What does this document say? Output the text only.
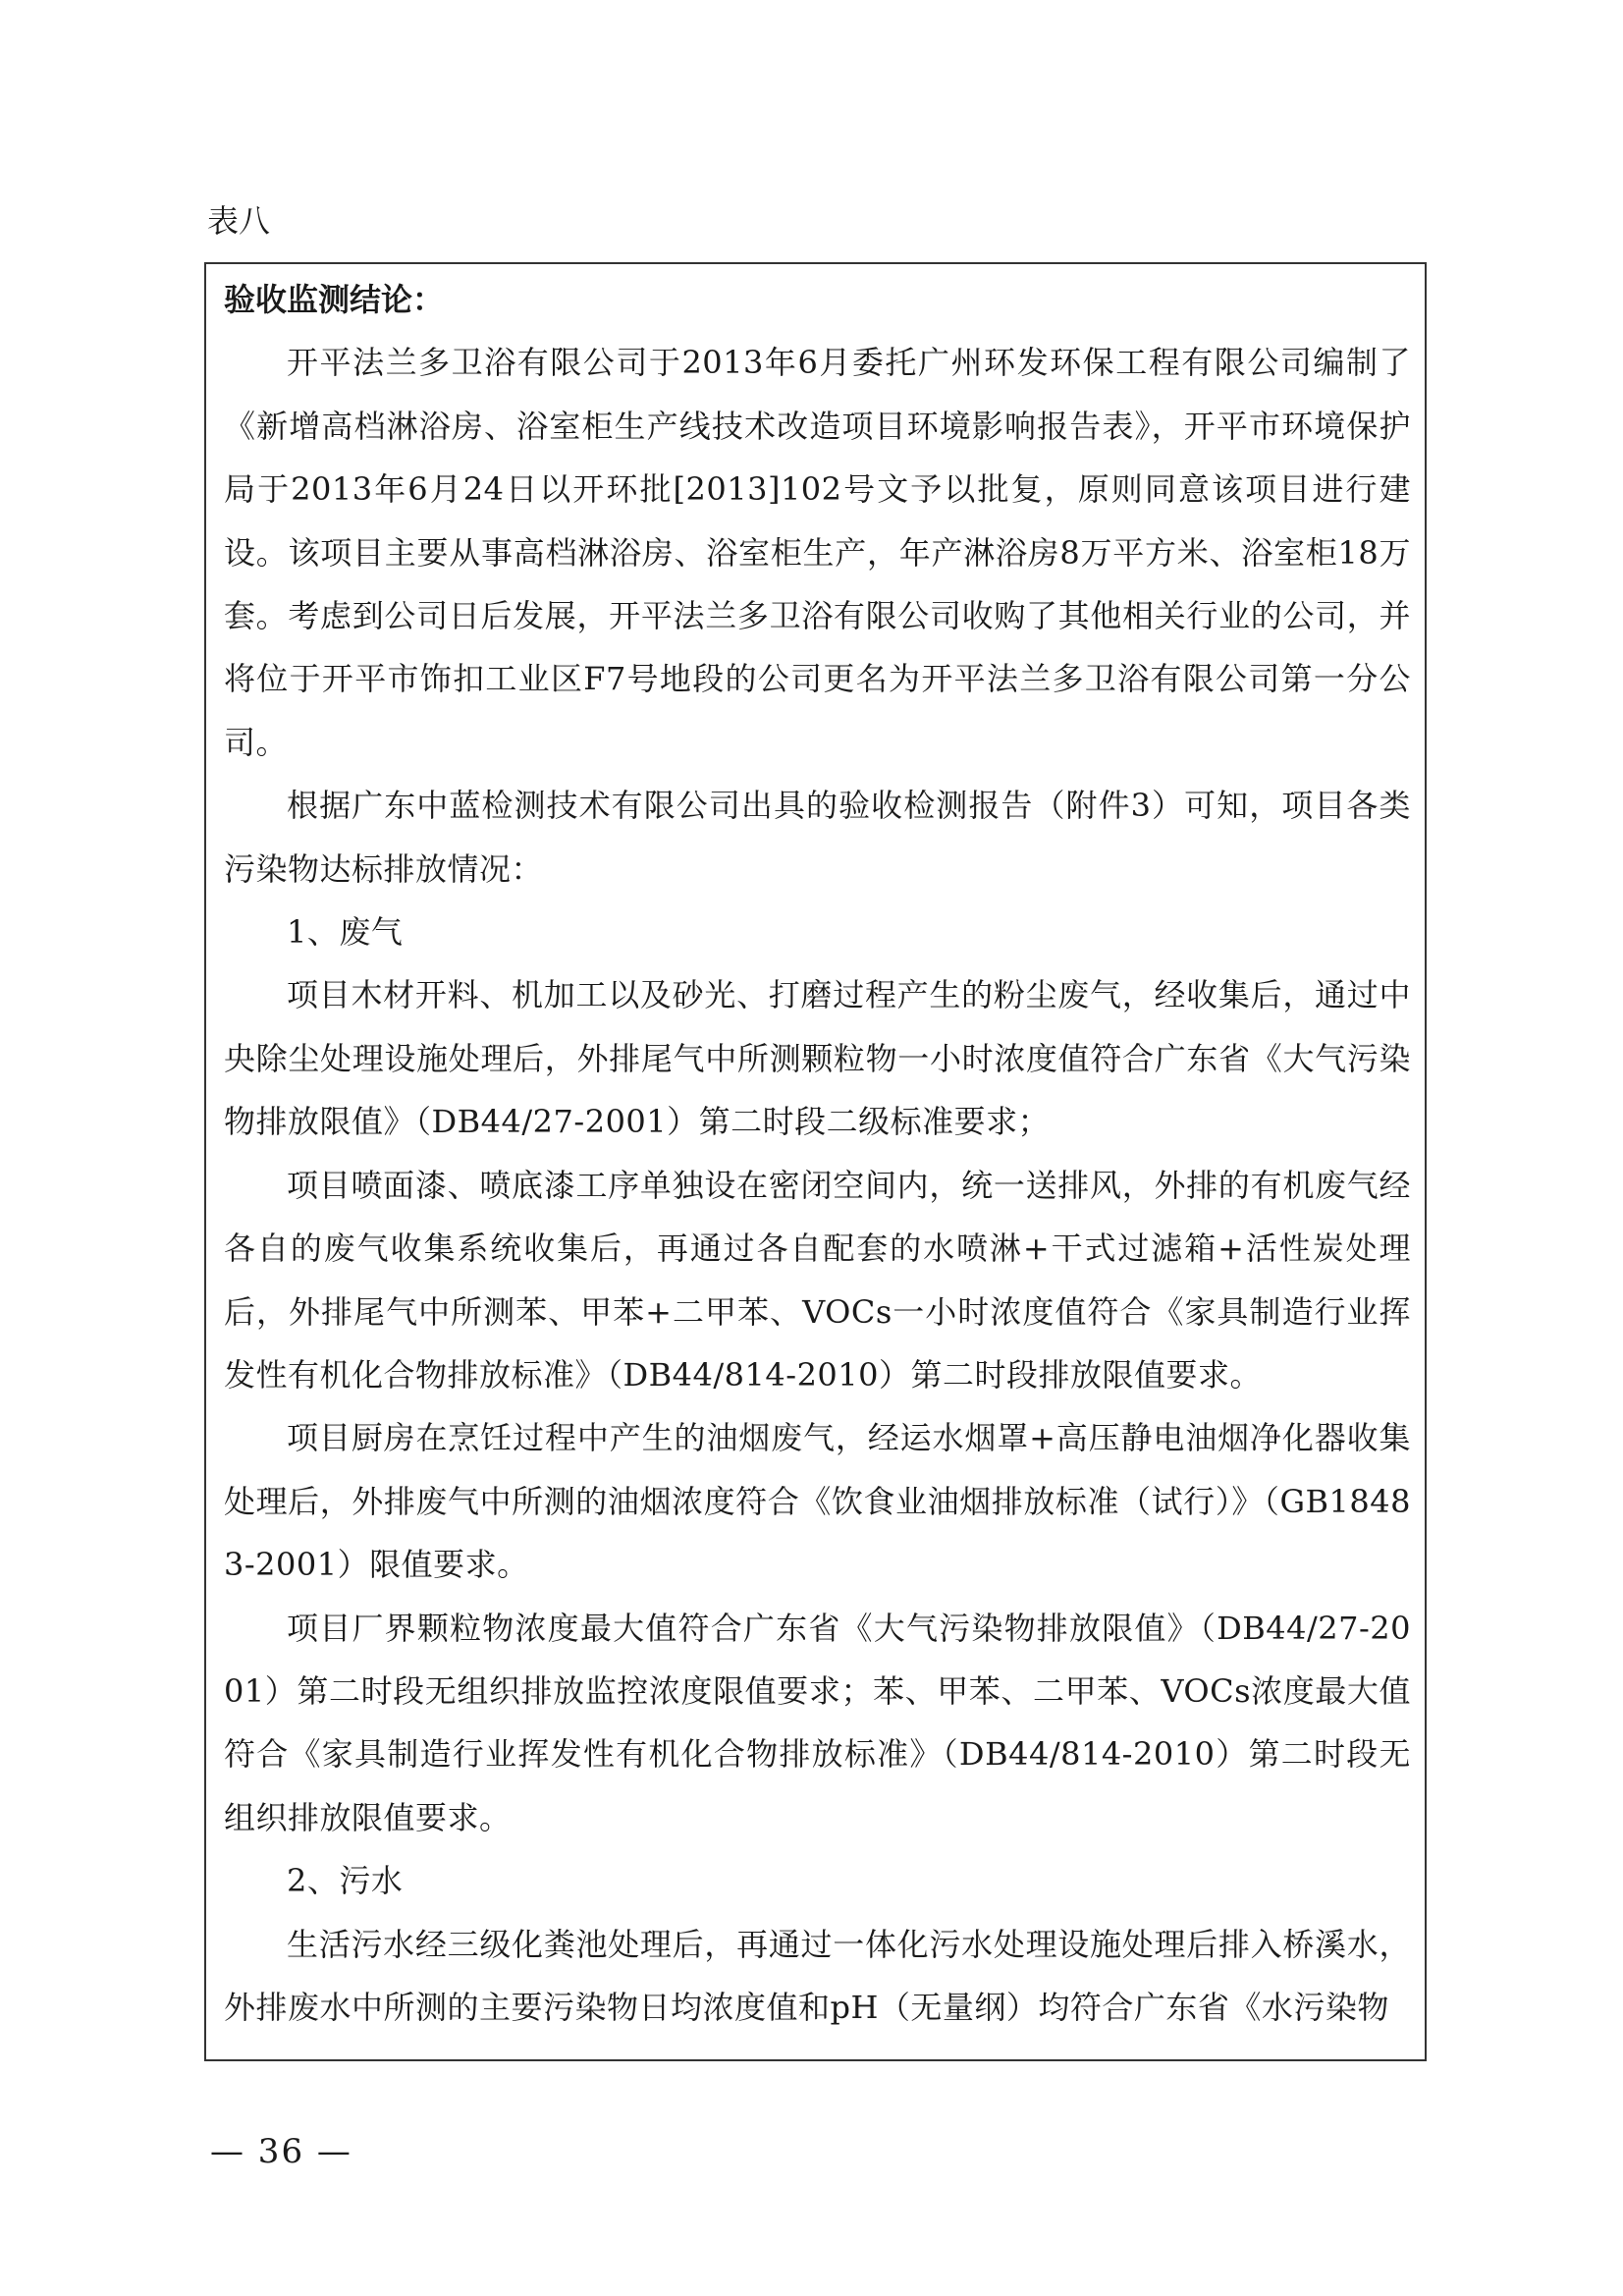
表八

验收监测结论：

开平法兰多卫浴有限公司于2013年6月委托广州环发环保工程有限公司编制了《新增高档淋浴房、浴室柜生产线技术改造项目环境影响报告表》，开平市环境保护局于2013年6月24日以开环批[2013]102号文予以批复，原则同意该项目进行建设。该项目主要从事高档淋浴房、浴室柜生产，年产淋浴房8万平方米、浴室柜18万套。考虑到公司日后发展，开平法兰多卫浴有限公司收购了其他相关行业的公司，并将位于开平市饰扣工业区F7号地段的公司更名为开平法兰多卫浴有限公司第一分公司。

根据广东中蓝检测技术有限公司出具的验收检测报告（附件3）可知，项目各类污染物达标排放情况：

1、废气

项目木材开料、机加工以及砂光、打磨过程产生的粉尘废气，经收集后，通过中央除尘处理设施处理后，外排尾气中所测颗粒物一小时浓度值符合广东省《大气污染物排放限值》（DB44/27-2001）第二时段二级标准要求；

项目喷面漆、喷底漆工序单独设在密闭空间内，统一送排风，外排的有机废气经各自的废气收集系统收集后，再通过各自配套的水喷淋+干式过滤箱+活性炭处理后，外排尾气中所测苯、甲苯+二甲苯、VOCs一小时浓度值符合《家具制造行业挥发性有机化合物排放标准》（DB44/814-2010）第二时段排放限值要求。

项目厨房在烹饪过程中产生的油烟废气，经运水烟罩+高压静电油烟净化器收集处理后，外排废气中所测的油烟浓度符合《饮食业油烟排放标准（试行）》（GB18483-2001）限值要求。

项目厂界颗粒物浓度最大值符合广东省《大气污染物排放限值》（DB44/27-2001）第二时段无组织排放监控浓度限值要求；苯、甲苯、二甲苯、VOCs浓度最大值符合《家具制造行业挥发性有机化合物排放标准》（DB44/814-2010）第二时段无组织排放限值要求。

2、污水

生活污水经三级化粪池处理后，再通过一体化污水处理设施处理后排入桥溪水，外排废水中所测的主要污染物日均浓度值和pH（无量纲）均符合广东省《水污染物

— 36 —
